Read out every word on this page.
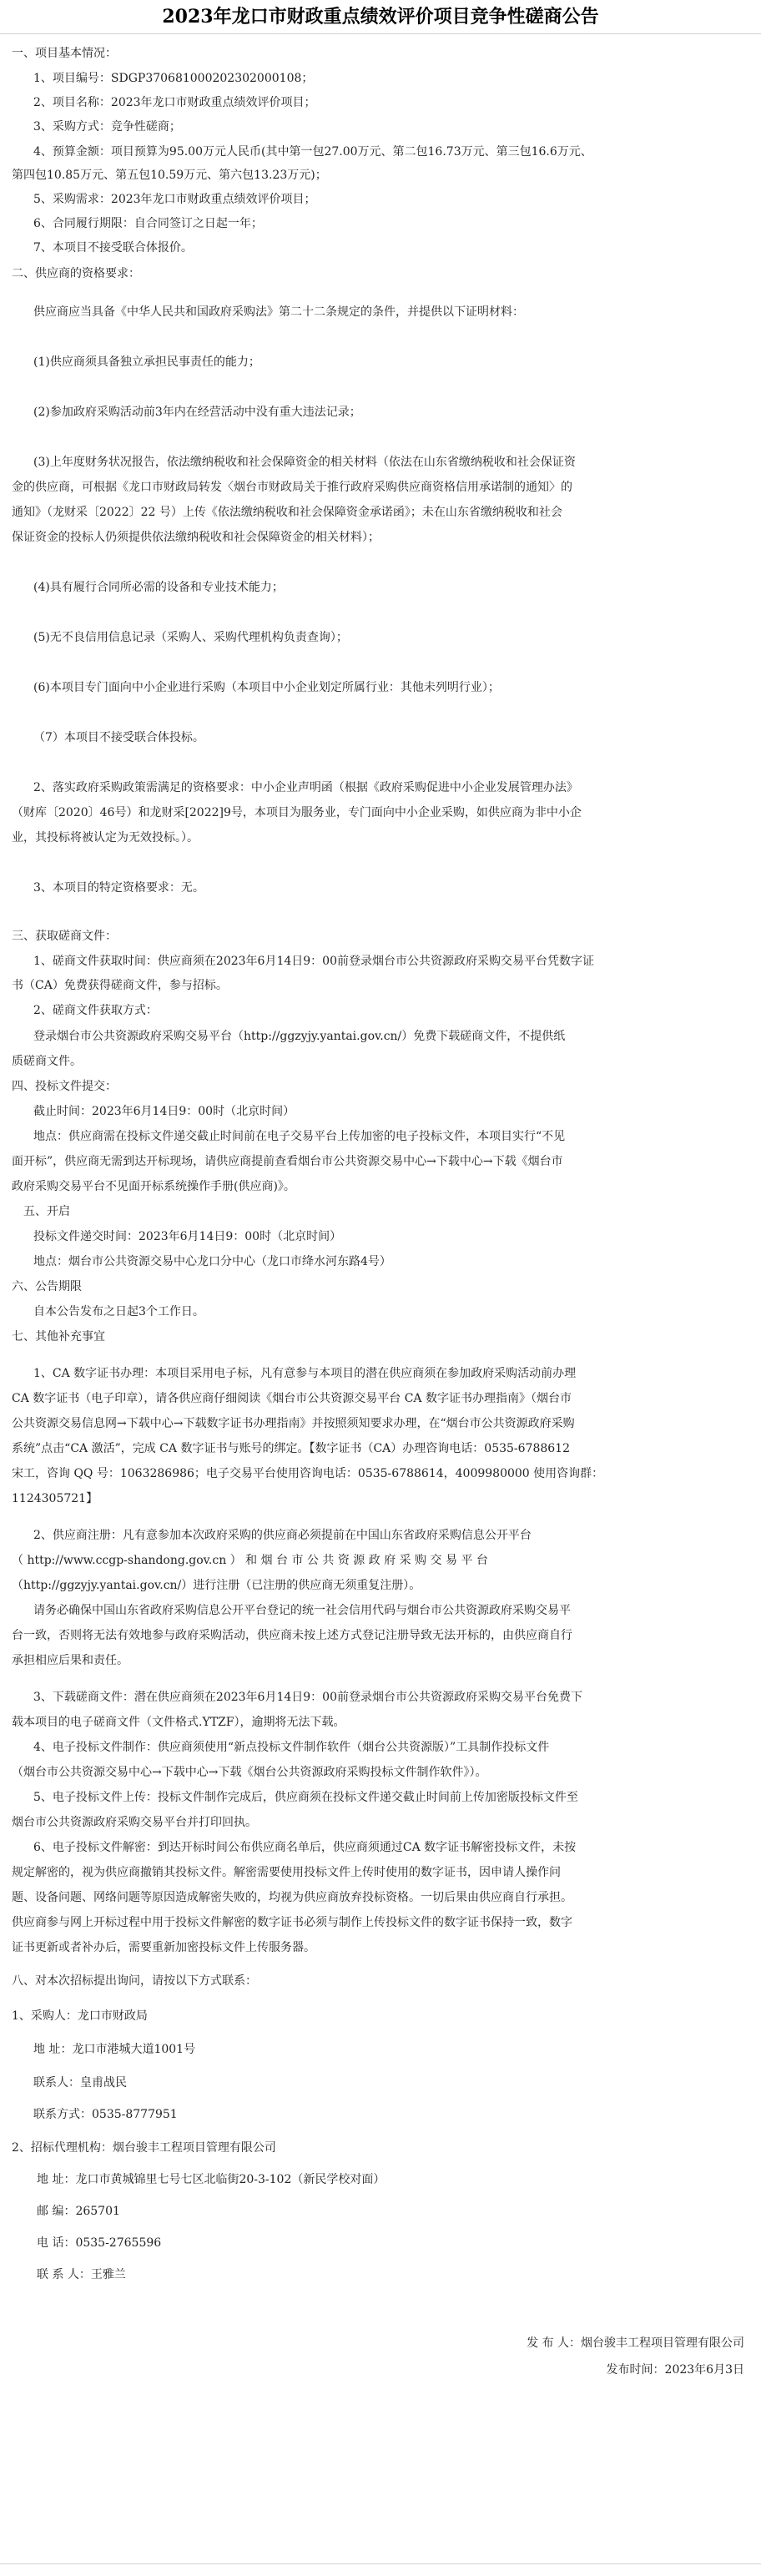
2023年龙口市财政重点绩效评价项目竞争性磋商公告
一、项目基本情况：
1、项目编号：SDGP370681000202302000108；
2、项目名称：2023年龙口市财政重点绩效评价项目；
3、采购方式：竞争性磋商；
4、预算金额：项目预算为95.00万元人民币(其中第一包27.00万元、第二包16.73万元、第三包16.6万元、
第四包10.85万元、第五包10.59万元、第六包13.23万元)；
5、采购需求：2023年龙口市财政重点绩效评价项目；
6、合同履行期限：自合同签订之日起一年；
7、本项目不接受联合体报价。
二、供应商的资格要求：
供应商应当具备《中华人民共和国政府采购法》第二十二条规定的条件，并提供以下证明材料：
(1)供应商须具备独立承担民事责任的能力；
(2)参加政府采购活动前3年内在经营活动中没有重大违法记录；
(3)上年度财务状况报告，依法缴纳税收和社会保障资金的相关材料（依法在山东省缴纳税收和社会保证资
金的供应商，可根据《龙口市财政局转发〈烟台市财政局关于推行政府采购供应商资格信用承诺制的通知〉的
通知》（龙财采〔2022〕22 号）上传《依法缴纳税收和社会保障资金承诺函》；未在山东省缴纳税收和社会
保证资金的投标人仍须提供依法缴纳税收和社会保障资金的相关材料）；
(4)具有履行合同所必需的设备和专业技术能力；
(5)无不良信用信息记录（采购人、采购代理机构负责查询）；
(6)本项目专门面向中小企业进行采购（本项目中小企业划定所属行业：其他未列明行业）；
（7）本项目不接受联合体投标。
2、落实政府采购政策需满足的资格要求：中小企业声明函（根据《政府采购促进中小企业发展管理办法》
（财库〔2020〕46号）和龙财采[2022]9号，本项目为服务业，专门面向中小企业采购，如供应商为非中小企
业，其投标将被认定为无效投标。）。
3、本项目的特定资格要求：无。
三、获取磋商文件：
1、磋商文件获取时间：供应商须在2023年6月14日9：00前登录烟台市公共资源政府采购交易平台凭数字证
书（CA）免费获得磋商文件，参与招标。
2、磋商文件获取方式：
登录烟台市公共资源政府采购交易平台（http://ggzyjy.yantai.gov.cn/）免费下载磋商文件，不提供纸
质磋商文件。
四、投标文件提交：
截止时间：2023年6月14日9：00时（北京时间）
地点：供应商需在投标文件递交截止时间前在电子交易平台上传加密的电子投标文件，本项目实行“不见
面开标”，供应商无需到达开标现场，请供应商提前查看烟台市公共资源交易中心→下载中心→下载《烟台市
政府采购交易平台不见面开标系统操作手册(供应商)》。
五、开启
投标文件递交时间：2023年6月14日9：00时（北京时间）
地点：烟台市公共资源交易中心龙口分中心（龙口市绛水河东路4号）
六、公告期限
自本公告发布之日起3个工作日。
七、其他补充事宜
1、CA 数字证书办理：本项目采用电子标，凡有意参与本项目的潜在供应商须在参加政府采购活动前办理
CA 数字证书（电子印章），请各供应商仔细阅读《烟台市公共资源交易平台 CA 数字证书办理指南》（烟台市
公共资源交易信息网→下载中心→下载数字证书办理指南》并按照须知要求办理，在“烟台市公共资源政府采购
系统”点击“CA 激活”，完成 CA 数字证书与账号的绑定。【数字证书（CA）办理咨询电话：0535-6788612
宋工，咨询 QQ 号：1063286986；电子交易平台使用咨询电话：0535-6788614，4009980000 使用咨询群：
1124305721】
2、供应商注册：凡有意参加本次政府采购的供应商必须提前在中国山东省政府采购信息公开平台
（ http://www.ccgp-shandong.gov.cn ） 和 烟 台 市 公 共 资 源 政 府 采 购 交 易 平 台
（http://ggzyjy.yantai.gov.cn/）进行注册（已注册的供应商无须重复注册）。
请务必确保中国山东省政府采购信息公开平台登记的统一社会信用代码与烟台市公共资源政府采购交易平
台一致，否则将无法有效地参与政府采购活动，供应商未按上述方式登记注册导致无法开标的，由供应商自行
承担相应后果和责任。
3、下载磋商文件：潜在供应商须在2023年6月14日9：00前登录烟台市公共资源政府采购交易平台免费下
载本项目的电子磋商文件（文件格式.YTZF），逾期将无法下载。
4、电子投标文件制作：供应商须使用“新点投标文件制作软件（烟台公共资源版）”工具制作投标文件
（烟台市公共资源交易中心→下载中心→下载《烟台公共资源政府采购投标文件制作软件》）。
5、电子投标文件上传：投标文件制作完成后，供应商须在投标文件递交截止时间前上传加密版投标文件至
烟台市公共资源政府采购交易平台并打印回执。
6、电子投标文件解密：到达开标时间公布供应商名单后，供应商须通过CA 数字证书解密投标文件，未按
规定解密的，视为供应商撤销其投标文件。解密需要使用投标文件上传时使用的数字证书，因申请人操作问
题、设备问题、网络问题等原因造成解密失败的，均视为供应商放弃投标资格。一切后果由供应商自行承担。
供应商参与网上开标过程中用于投标文件解密的数字证书必须与制作上传投标文件的数字证书保持一致，数字
证书更新或者补办后，需要重新加密投标文件上传服务器。
八、对本次招标提出询问，请按以下方式联系：
1、采购人：龙口市财政局
地 址：龙口市港城大道1001号
联系人：皇甫战民
联系方式：0535-8777951
2、招标代理机构：烟台骏丰工程项目管理有限公司
地 址：龙口市黄城锦里七号七区北临街20-3-102（新民学校对面）
邮 编：265701
电 话：0535-2765596
联 系 人：王雅兰
发 布 人：烟台骏丰工程项目管理有限公司
发布时间：2023年6月3日
